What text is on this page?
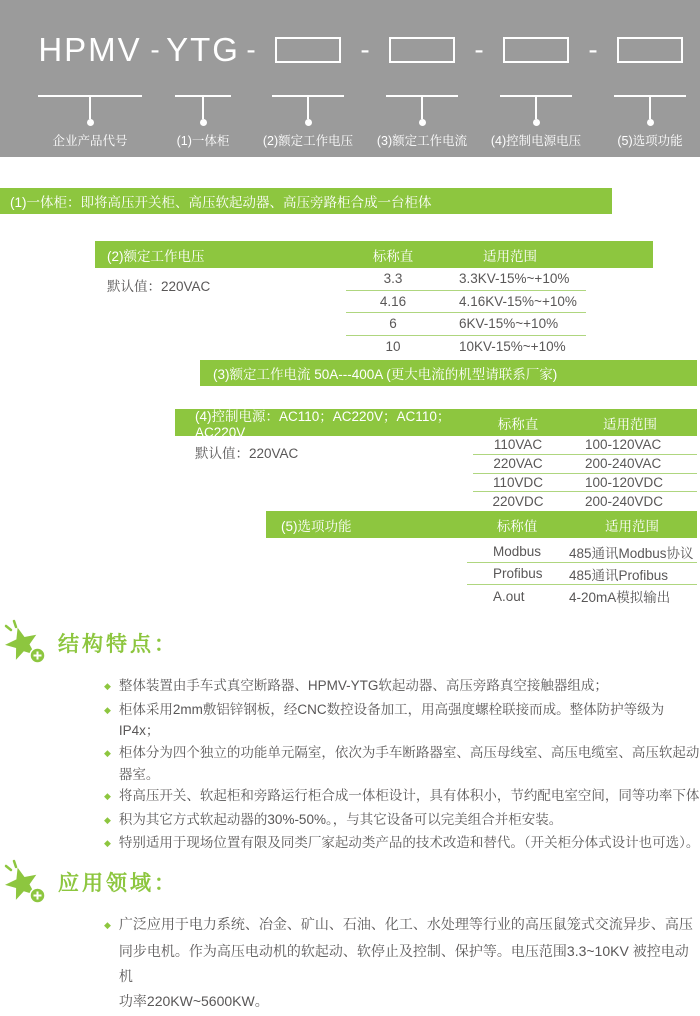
HPMV
企业产品代号
- YTG
(1)一体柜
-
(2)额定工作电压
-
(3)额定工作电流
-
(4)控制电源电压
-
(5)选项功能
(1)一体柜：即将高压开关柜、高压软起动器、高压旁路柜合成一台柜体
(2)额定工作电压	标称直	适用范围
默认值：220VAC
3.3	3.3KV-15%~+10%
4.16	4.16KV-15%~+10%
6	6KV-15%~+10%
10	10KV-15%~+10%
(3)额定工作电流 50A---400A (更大电流的机型请联系厂家)
(4)控制电源：AC110；AC220V；AC110；AC220V
标称直	适用范围
默认值：220VAC
110VAC	100-120VAC
220VAC	200-240VAC
110VDC	100-120VDC
220VDC	200-240VDC
(5)选项功能	标称值	适用范围
Modbus	485通讯Modbus协议
Profibus	485通讯Profibus
A.out	4-20mA模拟输出
结构特点：
◆ 整体装置由手车式真空断路器、HPMV-YTG软起动器、高压旁路真空接触器组成；
◆ 柜体采用2mm敷铝锌钢板，经CNC数控设备加工，用高强度螺栓联接而成。整体防护等级为IP4x；
◆ 柜体分为四个独立的功能单元隔室，依次为手车断路器室、高压母线室、高压电缆室、高压软起动器室。
◆ 将高压开关、软起柜和旁路运行柜合成一体柜设计，具有体积小，节约配电室空间，同等功率下体
◆ 积为其它方式软起动器的30%-50%。，与其它设备可以完美组合并柜安装。
◆ 特别适用于现场位置有限及同类厂家起动类产品的技术改造和替代。（开关柜分体式设计也可选）。
应用领域：
◆ 广泛应用于电力系统、冶金、矿山、石油、化工、水处理等行业的高压鼠笼式交流异步、高压
同步电机。作为高压电动机的软起动、软停止及控制、保护等。电压范围3.3~10KV 被控电动机
功率220KW~5600KW。
